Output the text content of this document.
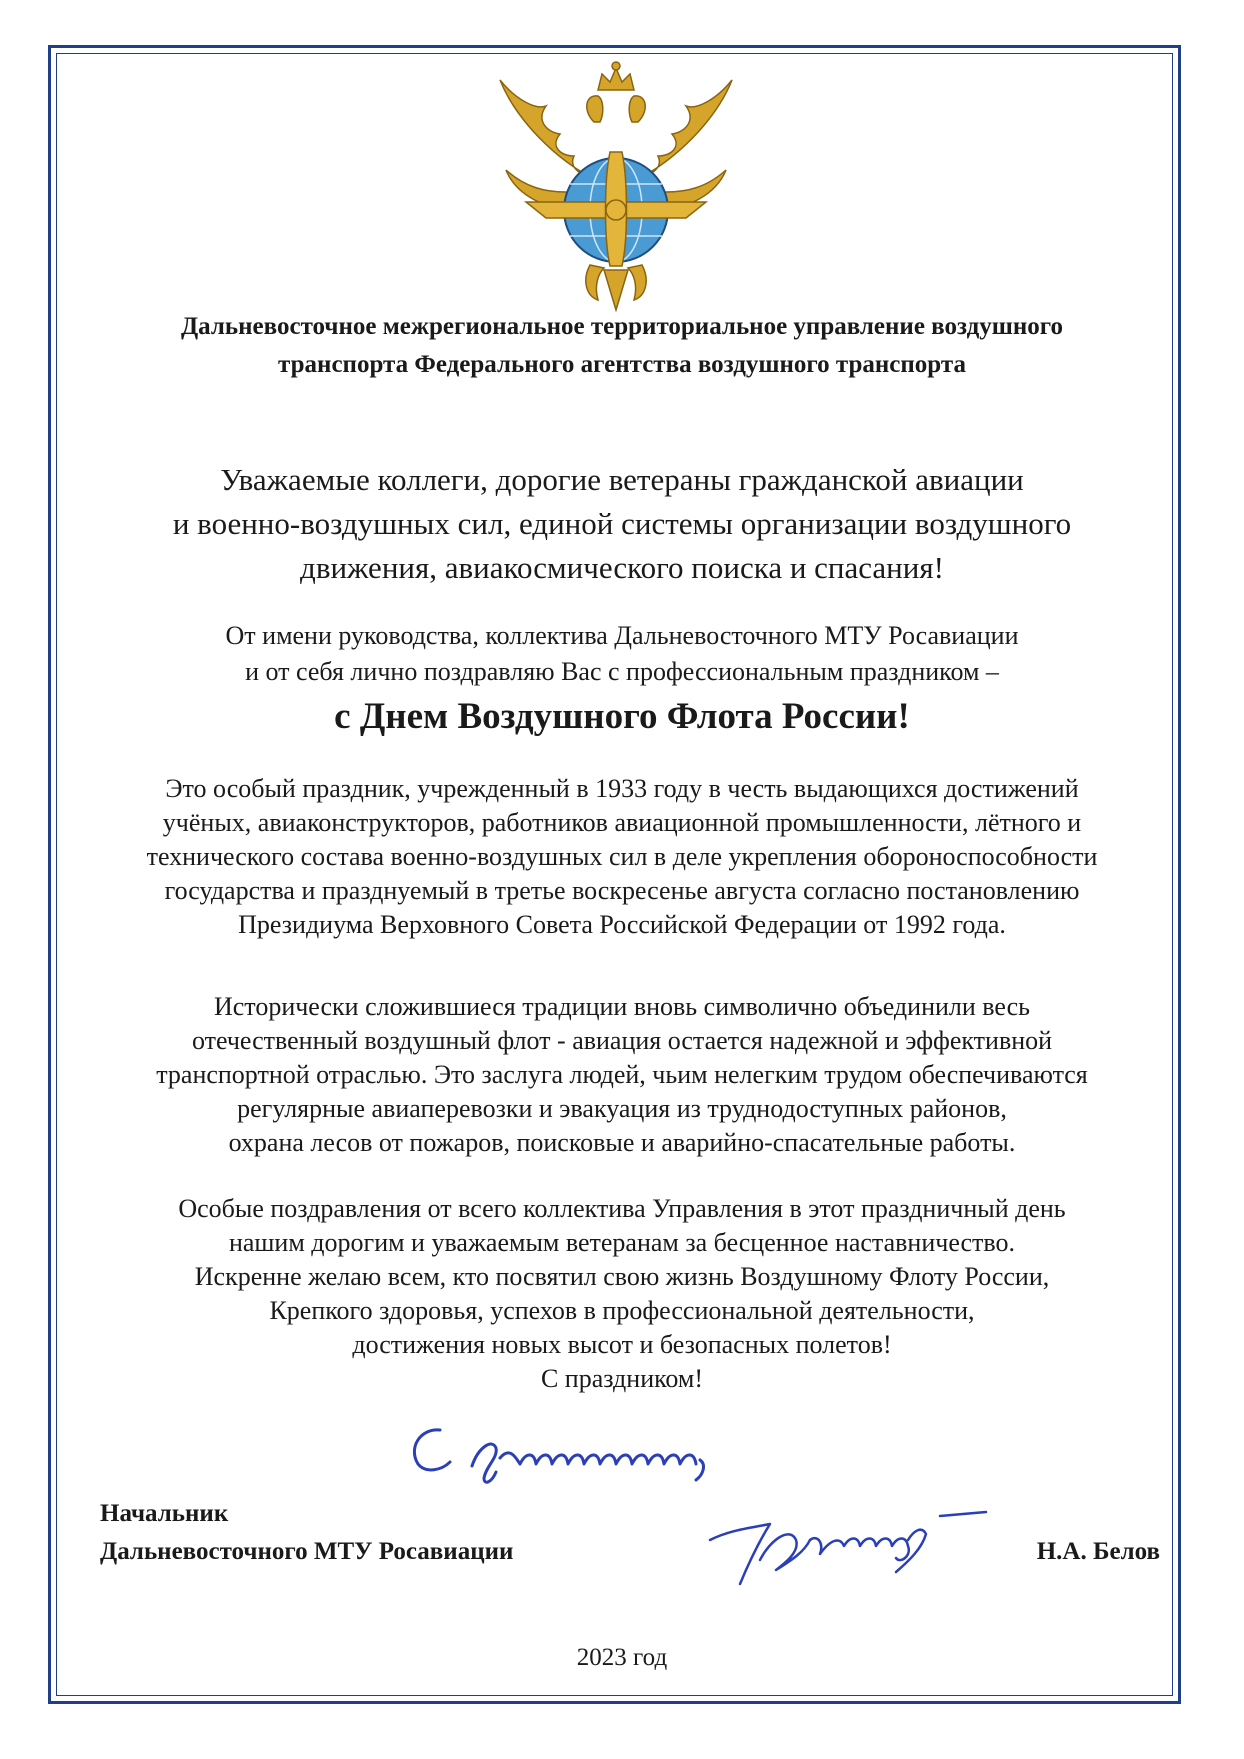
Дальневосточное межрегиональное территориальное управление воздушного
транспорта Федерального агентства воздушного транспорта
Уважаемые коллеги, дорогие ветераны гражданской авиации
и военно-воздушных сил, единой системы организации воздушного
движения, авиакосмического поиска и спасания!
От имени руководства, коллектива Дальневосточного МТУ Росавиации
и от себя лично поздравляю Вас с профессиональным праздником –
с Днем Воздушного Флота России!
Это особый праздник, учрежденный в 1933 году в честь выдающихся достижений
учёных, авиаконструкторов, работников авиационной промышленности, лётного и
технического состава военно-воздушных сил в деле укрепления обороноспособности
государства и празднуемый в третье воскресенье августа согласно постановлению
Президиума Верховного Совета Российской Федерации от 1992 года.
Исторически сложившиеся традиции вновь символично объединили весь
отечественный воздушный флот - авиация остается надежной и эффективной
транспортной отраслью. Это заслуга людей, чьим нелегким трудом обеспечиваются
регулярные авиаперевозки и эвакуация из труднодоступных районов,
охрана лесов от пожаров, поисковые и аварийно-спасательные работы.
Особые поздравления от всего коллектива Управления в этот праздничный день
нашим дорогим и уважаемым ветеранам за бесценное наставничество.
Искренне желаю всем, кто посвятил свою жизнь Воздушному Флоту России,
Крепкого здоровья, успехов в профессиональной деятельности,
достижения новых высот и безопасных полетов!
С праздником!
Начальник
Дальневосточного МТУ Росавиации	Н.А. Белов
2023 год
